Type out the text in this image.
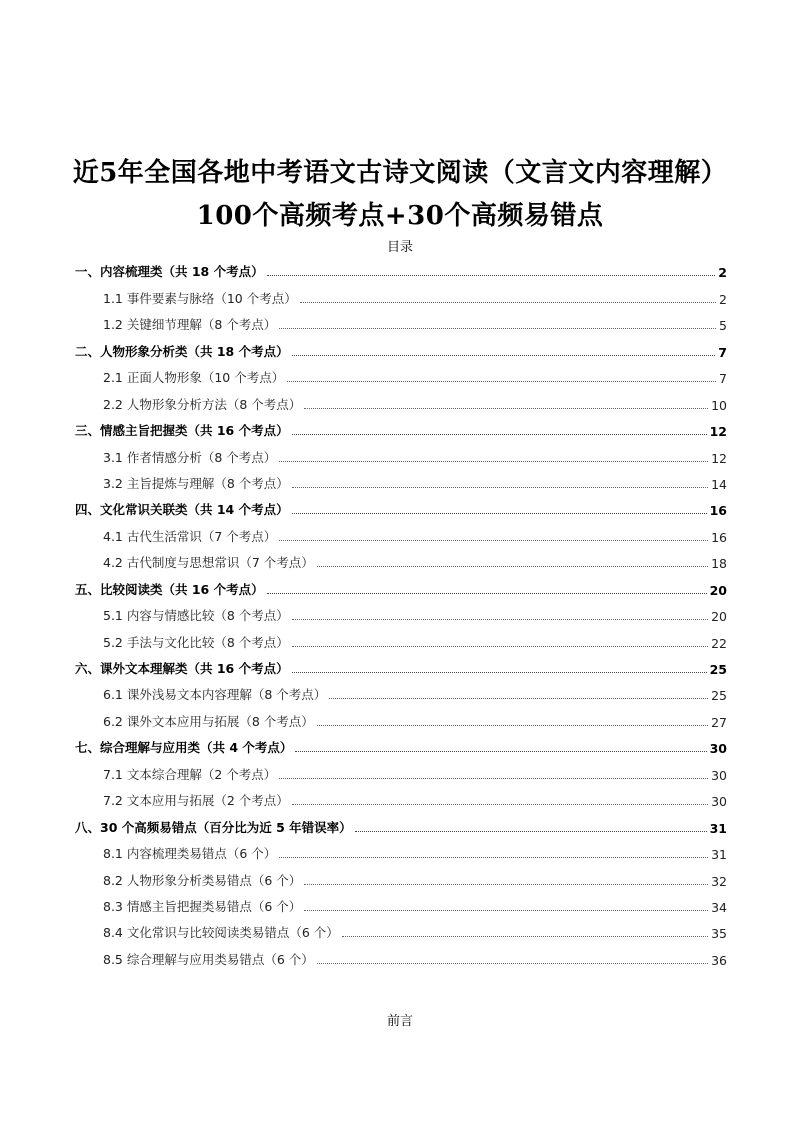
近5年全国各地中考语文古诗文阅读（文言文内容理解）
100个高频考点+30个高频易错点
目录
一、内容梳理类（共 18 个考点）	2
1.1 事件要素与脉络（10 个考点）	2
1.2 关键细节理解（8 个考点）	5
二、人物形象分析类（共 18 个考点）	7
2.1 正面人物形象（10 个考点）	7
2.2 人物形象分析方法（8 个考点）	10
三、情感主旨把握类（共 16 个考点）	12
3.1 作者情感分析（8 个考点）	12
3.2 主旨提炼与理解（8 个考点）	14
四、文化常识关联类（共 14 个考点）	16
4.1 古代生活常识（7 个考点）	16
4.2 古代制度与思想常识（7 个考点）	18
五、比较阅读类（共 16 个考点）	20
5.1 内容与情感比较（8 个考点）	20
5.2 手法与文化比较（8 个考点）	22
六、课外文本理解类（共 16 个考点）	25
6.1 课外浅易文本内容理解（8 个考点）	25
6.2 课外文本应用与拓展（8 个考点）	27
七、综合理解与应用类（共 4 个考点）	30
7.1 文本综合理解（2 个考点）	30
7.2 文本应用与拓展（2 个考点）	30
八、30 个高频易错点（百分比为近 5 年错误率）	31
8.1 内容梳理类易错点（6 个）	31
8.2 人物形象分析类易错点（6 个）	32
8.3 情感主旨把握类易错点（6 个）	34
8.4 文化常识与比较阅读类易错点（6 个）	35
8.5 综合理解与应用类易错点（6 个）	36
前言
